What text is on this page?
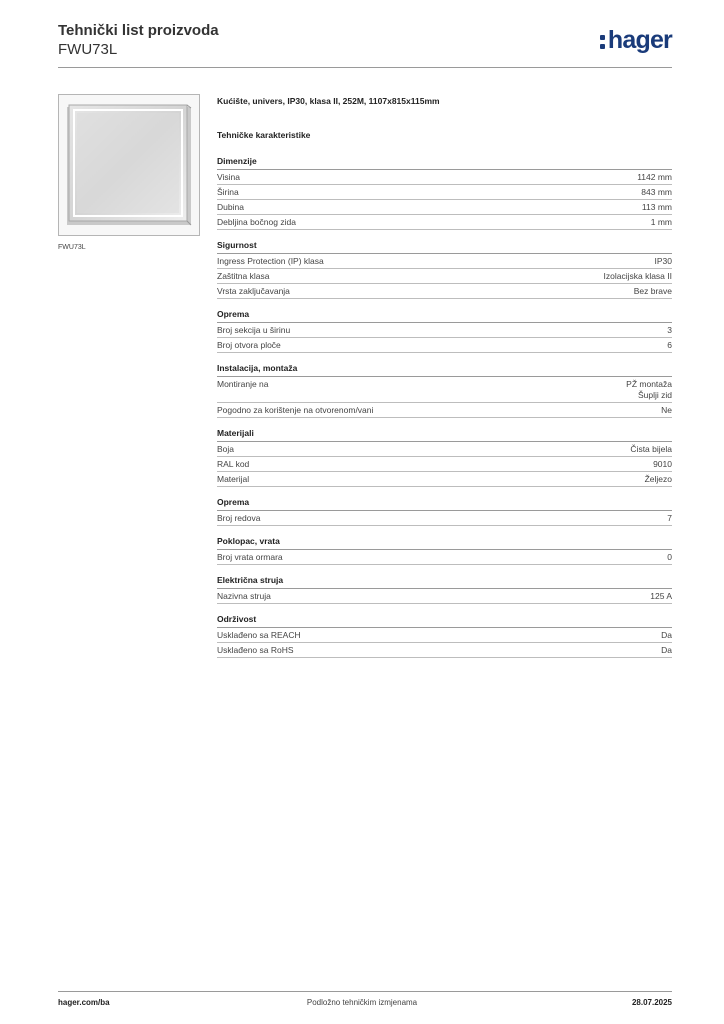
Tehnički list proizvoda
FWU73L	hager
FWU73L
Kućište, univers, IP30, klasa II, 252M, 1107x815x115mm
Tehničke karakteristike
Dimenzije
Visina	1142 mm
Širina	843 mm
Dubina	113 mm
Debljina bočnog zida	1 mm
Sigurnost
Ingress Protection (IP) klasa	IP30
Zaštitna klasa	Izolacijska klasa II
Vrsta zaključavanja	Bez brave
Oprema
Broj sekcija u širinu	3
Broj otvora ploče	6
Instalacija, montaža
Montiranje na	PŽ montaža
Šuplji zid
Pogodno za korištenje na otvorenom/vani	Ne
Materijali
Boja	Čista bijela
RAL kod	9010
Materijal	Željezo
Oprema
Broj redova	7
Poklopac, vrata
Broj vrata ormara	0
Električna struja
Nazivna struja	125 A
Održivost
Usklađeno sa REACH	Da
Usklađeno sa RoHS	Da
hager.com/ba	Podložno tehničkim izmjenama	28.07.2025
